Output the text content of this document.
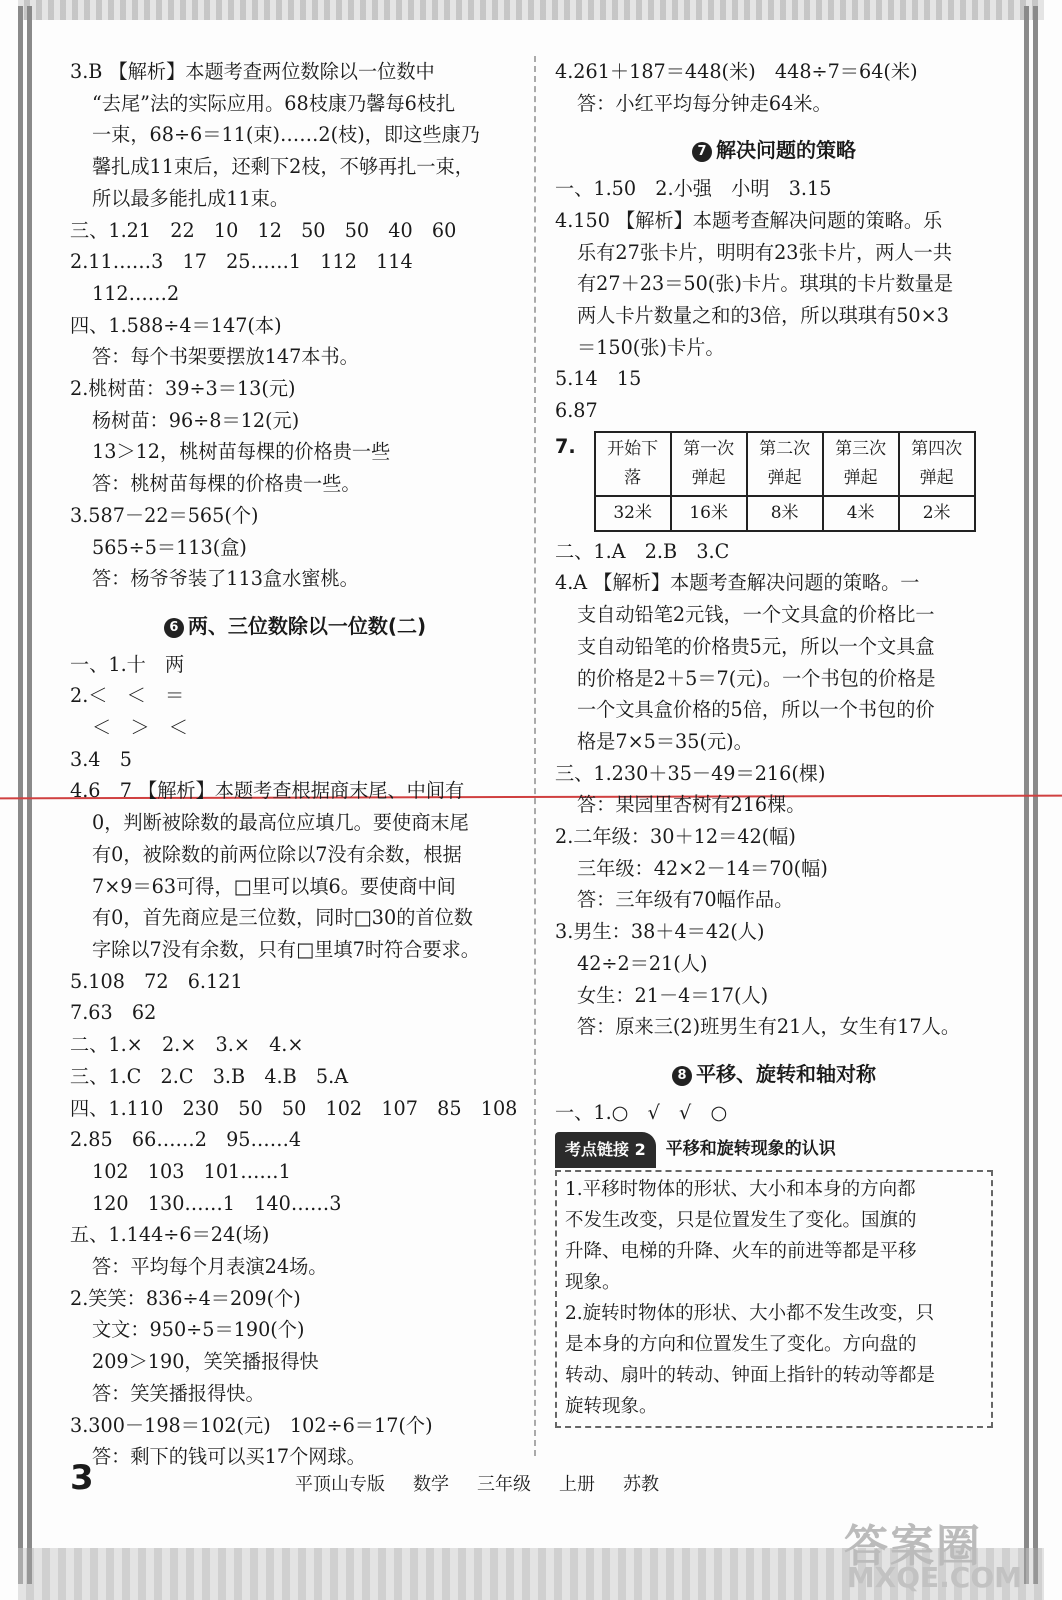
3.B 【解析】本题考查两位数除以一位数中
“去尾”法的实际应用。68枝康乃馨每6枝扎
一束，68÷6＝11(束)……2(枝)，即这些康乃
馨扎成11束后，还剩下2枝，不够再扎一束，
所以最多能扎成11束。
三、1.21　22　10　12　50　50　40　60
2.11……3　17　25……1　112　114
112……2
四、1.588÷4＝147(本)
答：每个书架要摆放147本书。
2.桃树苗：39÷3＝13(元)
杨树苗：96÷8＝12(元)
13＞12，桃树苗每棵的价格贵一些
答：桃树苗每棵的价格贵一些。
3.587－22＝565(个)
565÷5＝113(盒)
答：杨爷爷装了113盒水蜜桃。
6 两、三位数除以一位数(二)
一、1.十　两
2.＜　＜　＝
＜　＞　＜
3.4　5
4.6　7 【解析】本题考查根据商末尾、中间有
0，判断被除数的最高位应填几。要使商末尾
有0，被除数的前两位除以7没有余数，根据
7×9＝63可得，□里可以填6。要使商中间
有0，首先商应是三位数，同时□30的首位数
字除以7没有余数，只有□里填7时符合要求。
5.108　72　6.121
7.63　62
二、1.×　2.×　3.×　4.×
三、1.C　2.C　3.B　4.B　5.A
四、1.110　230　50　50　102　107　85　108
2.85　66……2　95……4
102　103　101……1
120　130……1　140……3
五、1.144÷6＝24(场)
答：平均每个月表演24场。
2.笑笑：836÷4＝209(个)
文文：950÷5＝190(个)
209＞190，笑笑播报得快
答：笑笑播报得快。
3.300－198＝102(元)　102÷6＝17(个)
答：剩下的钱可以买17个网球。
4.261＋187＝448(米)　448÷7＝64(米)
答：小红平均每分钟走64米。
7 解决问题的策略
一、1.50　2.小强　小明　3.15
4.150 【解析】本题考查解决问题的策略。乐
乐有27张卡片，明明有23张卡片，两人一共
有27＋23＝50(张)卡片。琪琪的卡片数量是
两人卡片数量之和的3倍，所以琪琪有50×3
＝150(张)卡片。
5.14　15
6.87
7. 开始下落	第一次弹起	第二次弹起	第三次弹起	第四次弹起
32米	16米	8米	4米	2米
二、1.A　2.B　3.C
4.A 【解析】本题考查解决问题的策略。一
支自动铅笔2元钱，一个文具盒的价格比一
支自动铅笔的价格贵5元，所以一个文具盒
的价格是2＋5＝7(元)。一个书包的价格是
一个文具盒价格的5倍，所以一个书包的价
格是7×5＝35(元)。
三、1.230＋35－49＝216(棵)
答：果园里杏树有216棵。
2.二年级：30＋12＝42(幅)
三年级：42×2－14＝70(幅)
答：三年级有70幅作品。
3.男生：38＋4＝42(人)
42÷2＝21(人)
女生：21－4＝17(人)
答：原来三(2)班男生有21人，女生有17人。
8 平移、旋转和轴对称
一、1.○　√　√　○
考点链接 2	平移和旋转现象的认识
1.平移时物体的形状、大小和本身的方向都
不发生改变，只是位置发生了变化。国旗的
升降、电梯的升降、火车的前进等都是平移
现象。
2.旋转时物体的形状、大小都不发生改变，只
是本身的方向和位置发生了变化。方向盘的
转动、扇叶的转动、钟面上指针的转动等都是
旋转现象。
3	平顶山专版 数学 三年级 上册 苏教
答案圈
MXQE.COM
